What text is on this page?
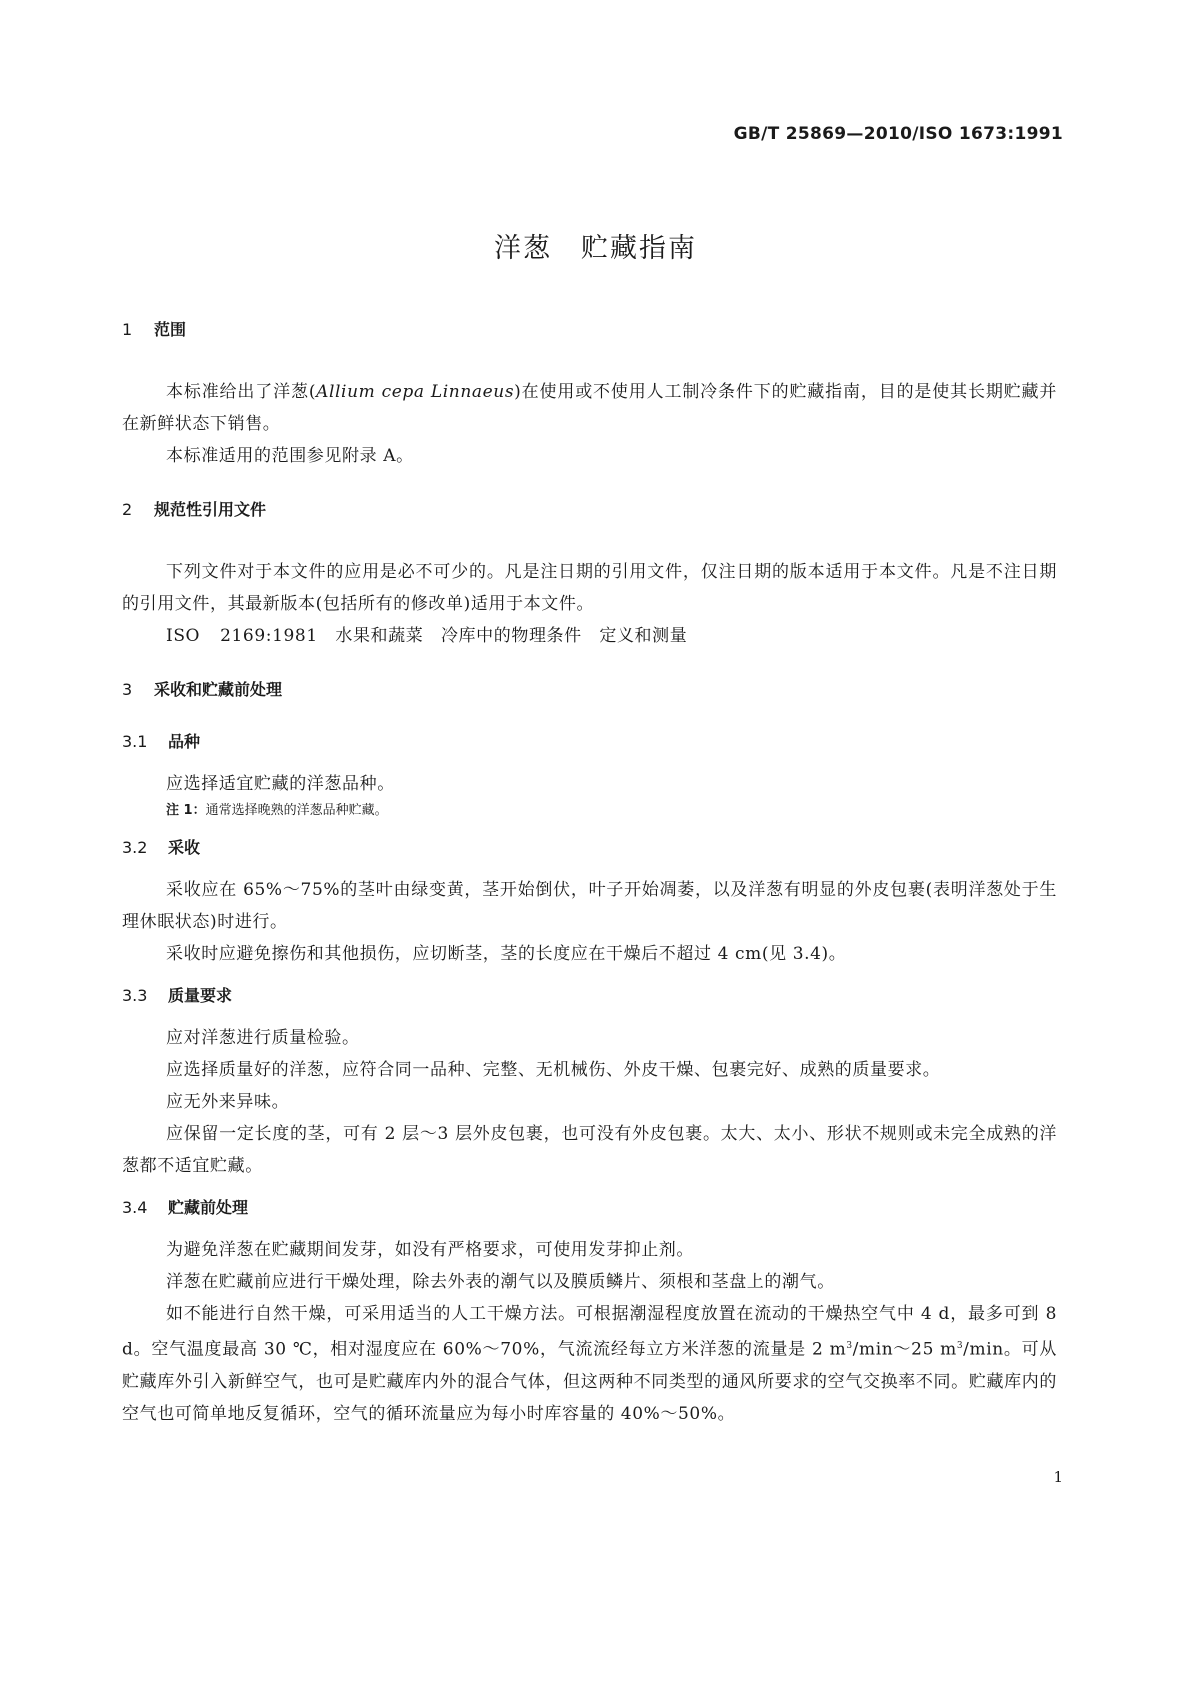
GB/T 25869—2010/ISO 1673:1991
洋葱　贮藏指南
1	范围
本标准给出了洋葱(Allium cepa Linnaeus)在使用或不使用人工制冷条件下的贮藏指南，目的是使其长期贮藏并在新鲜状态下销售。
本标准适用的范围参见附录 A。
2	规范性引用文件
下列文件对于本文件的应用是必不可少的。凡是注日期的引用文件，仅注日期的版本适用于本文件。凡是不注日期的引用文件，其最新版本(包括所有的修改单)适用于本文件。
ISO 2169:1981　水果和蔬菜　冷库中的物理条件　定义和测量
3	采收和贮藏前处理
3.1	品种
应选择适宜贮藏的洋葱品种。
注 1：通常选择晚熟的洋葱品种贮藏。
3.2	采收
采收应在 65%～75%的茎叶由绿变黄，茎开始倒伏，叶子开始凋萎，以及洋葱有明显的外皮包裹(表明洋葱处于生理休眠状态)时进行。
采收时应避免擦伤和其他损伤，应切断茎，茎的长度应在干燥后不超过 4 cm(见 3.4)。
3.3	质量要求
应对洋葱进行质量检验。
应选择质量好的洋葱，应符合同一品种、完整、无机械伤、外皮干燥、包裹完好、成熟的质量要求。
应无外来异味。
应保留一定长度的茎，可有 2 层～3 层外皮包裹，也可没有外皮包裹。太大、太小、形状不规则或未完全成熟的洋葱都不适宜贮藏。
3.4	贮藏前处理
为避免洋葱在贮藏期间发芽，如没有严格要求，可使用发芽抑止剂。
洋葱在贮藏前应进行干燥处理，除去外表的潮气以及膜质鳞片、须根和茎盘上的潮气。
如不能进行自然干燥，可采用适当的人工干燥方法。可根据潮湿程度放置在流动的干燥热空气中 4 d，最多可到 8 d。空气温度最高 30 ℃，相对湿度应在 60%～70%，气流流经每立方米洋葱的流量是 2 $m^3/\min\sim 25$ $m^3/\min$。可从贮藏库外引入新鲜空气，也可是贮藏库内外的混合气体，但这两种不同类型的通风所要求的空气交换率不同。贮藏库内的空气也可简单地反复循环，空气的循环流量应为每小时库容量的 40%～50%。
1
